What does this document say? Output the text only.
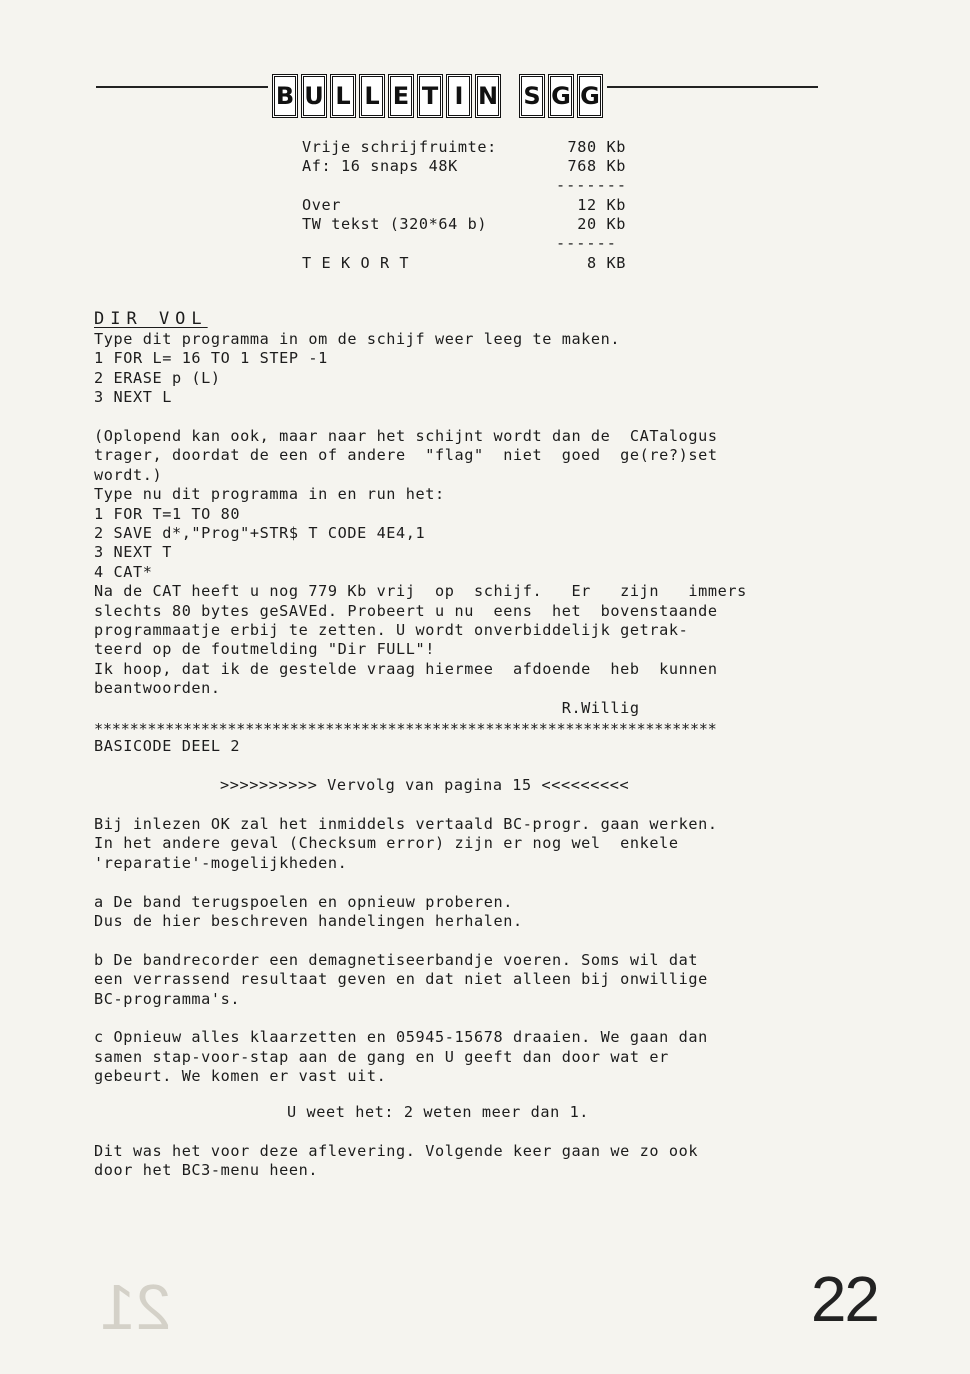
B U L L E T I N S G G
Vrije schrijfruimte:	780 Kb
Af: 16 snaps 48K	768 Kb
Over	12 Kb
TW tekst (320*64 b)	20 Kb
T E K O R T	8 KB
-------
------
DIR VOL
Type dit programma in om de schijf weer leeg te maken.
1 FOR L= 16 TO 1 STEP -1
2 ERASE p (L)
3 NEXT L
(Oplopend kan ook, maar naar het schijnt wordt dan de  CATalogus
trager, doordat de een of andere  "flag"  niet  goed  ge(re?)set
wordt.)
Type nu dit programma in en run het:
1 FOR T=1 TO 80
2 SAVE d*,"Prog"+STR$ T CODE 4E4,1
3 NEXT T
4 CAT*
Na de CAT heeft u nog 779 Kb vrij  op  schijf.   Er   zijn   immers
slechts 80 bytes geSAVEd. Probeert u nu  eens  het  bovenstaande
programmaatje erbij te zetten. U wordt onverbiddelijk getrak-
teerd op de foutmelding "Dir FULL"!
Ik hoop, dat ik de gestelde vraag hiermee  afdoende  heb  kunnen
beantwoorden.
R.Willig
**********************************************************************
BASICODE DEEL 2
>>>>>>>>>> Vervolg van pagina 15 <<<<<<<<<
Bij inlezen OK zal het inmiddels vertaald BC-progr. gaan werken.
In het andere geval (Checksum error) zijn er nog wel  enkele
'reparatie'-mogelijkheden.
a De band terugspoelen en opnieuw proberen.
Dus de hier beschreven handelingen herhalen.
b De bandrecorder een demagnetiseerbandje voeren. Soms wil dat
een verrassend resultaat geven en dat niet alleen bij onwillige
BC-programma's.
c Opnieuw alles klaarzetten en 05945-15678 draaien. We gaan dan
samen stap-voor-stap aan de gang en U geeft dan door wat er
gebeurt. We komen er vast uit.
U weet het: 2 weten meer dan 1.
Dit was het voor deze aflevering. Volgende keer gaan we zo ook
door het BC3-menu heen.
21	22
